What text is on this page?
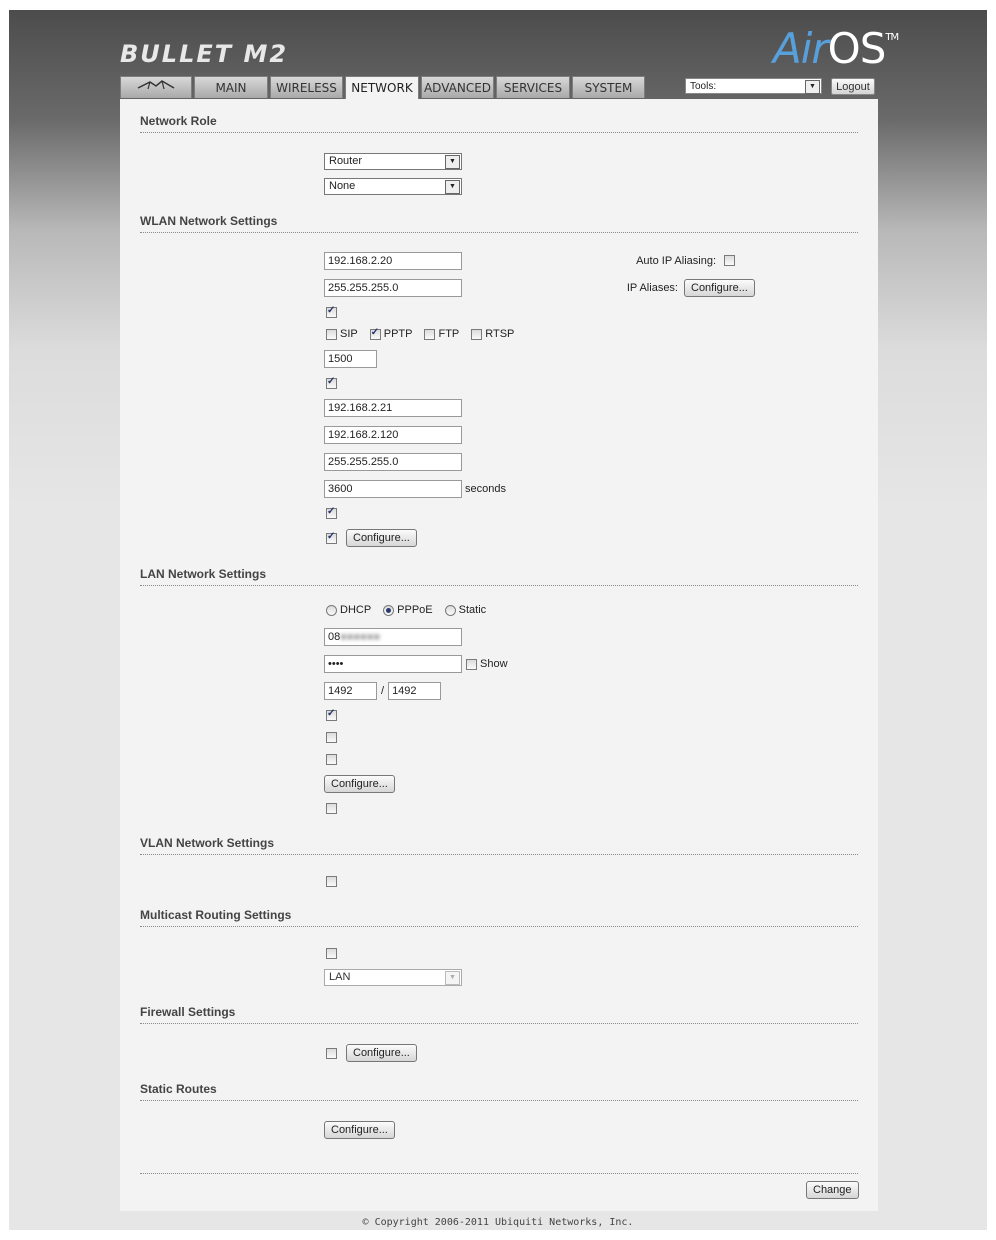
BULLET M2	AirOS™
MAIN	WIRELESS	NETWORK ADVANCED	SERVICES	SYSTEM	Tools:	▼	Logout
Network Role
Router	▼
None	▼
WLAN Network Settings
192.168.2.20	Auto IP Aliasing:
255.255.255.0	IP Aliases:	Configure...
✓
SIP
✓ PPTP FTP RTSP
1500
✓
192.168.2.21
192.168.2.120
255.255.255.0
3600	seconds
✓
✓
Configure...
LAN Network Settings
DHCP PPPoE Static
08●●●●●●
••••	Show
1492	/ 1492
✓
Configure...
VLAN Network Settings
Multicast Routing Settings
LAN	▼
Firewall Settings
Configure...
Static Routes
Configure...
Change
© Copyright 2006-2011 Ubiquiti Networks, Inc.
